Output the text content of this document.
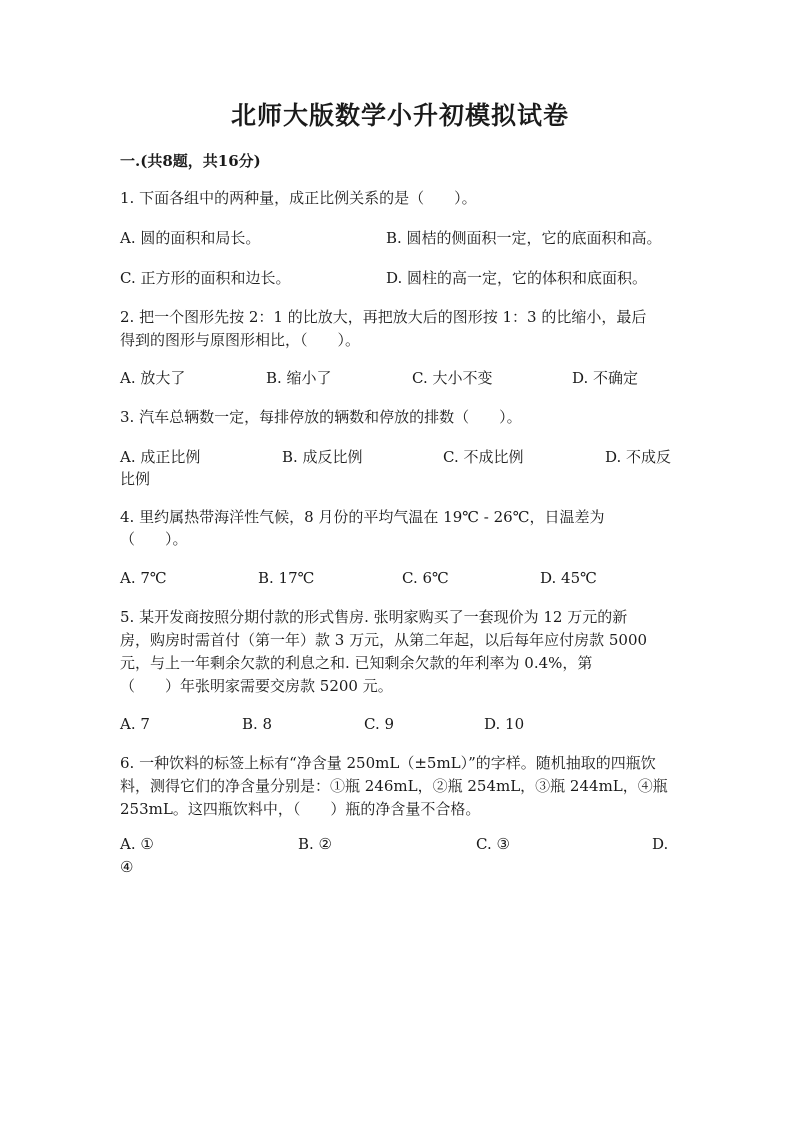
北师大版数学小升初模拟试卷
一.(共8题，共16分)
1. 下面各组中的两种量，成正比例关系的是（　　）。
A. 圆的面积和局长。	B. 圆桔的侧面积一定，它的底面积和高。
C. 正方形的面积和边长。	D. 圆柱的高一定，它的体积和底面积。
2. 把一个图形先按 2：1 的比放大，再把放大后的图形按 1：3 的比缩小，最后
得到的图形与原图形相比，（　　）。
A. 放大了	B. 缩小了	C. 大小不变	D. 不确定
3. 汽车总辆数一定，每排停放的辆数和停放的排数（　　）。
A. 成正比例	B. 成反比例	C. 不成比例	D. 不成反
比例
4. 里约属热带海洋性气候，8 月份的平均气温在 19℃ - 26℃，日温差为
（　　）。
A. 7℃	B. 17℃	C. 6℃	D. 45℃
5. 某开发商按照分期付款的形式售房. 张明家购买了一套现价为 12 万元的新
房，购房时需首付（第一年）款 3 万元，从第二年起，以后每年应付房款 5000
元，与上一年剩余欠款的利息之和. 已知剩余欠款的年利率为 0.4%，第
（　　）年张明家需要交房款 5200 元。
A. 7	B. 8	C. 9	D. 10
6. 一种饮料的标签上标有“净含量 250mL（±5mL）”的字样。随机抽取的四瓶饮
料，测得它们的净含量分别是：①瓶 246mL，②瓶 254mL，③瓶 244mL，④瓶
253mL。这四瓶饮料中，（　　）瓶的净含量不合格。
A. ①	B. ②	C. ③	D.
④
